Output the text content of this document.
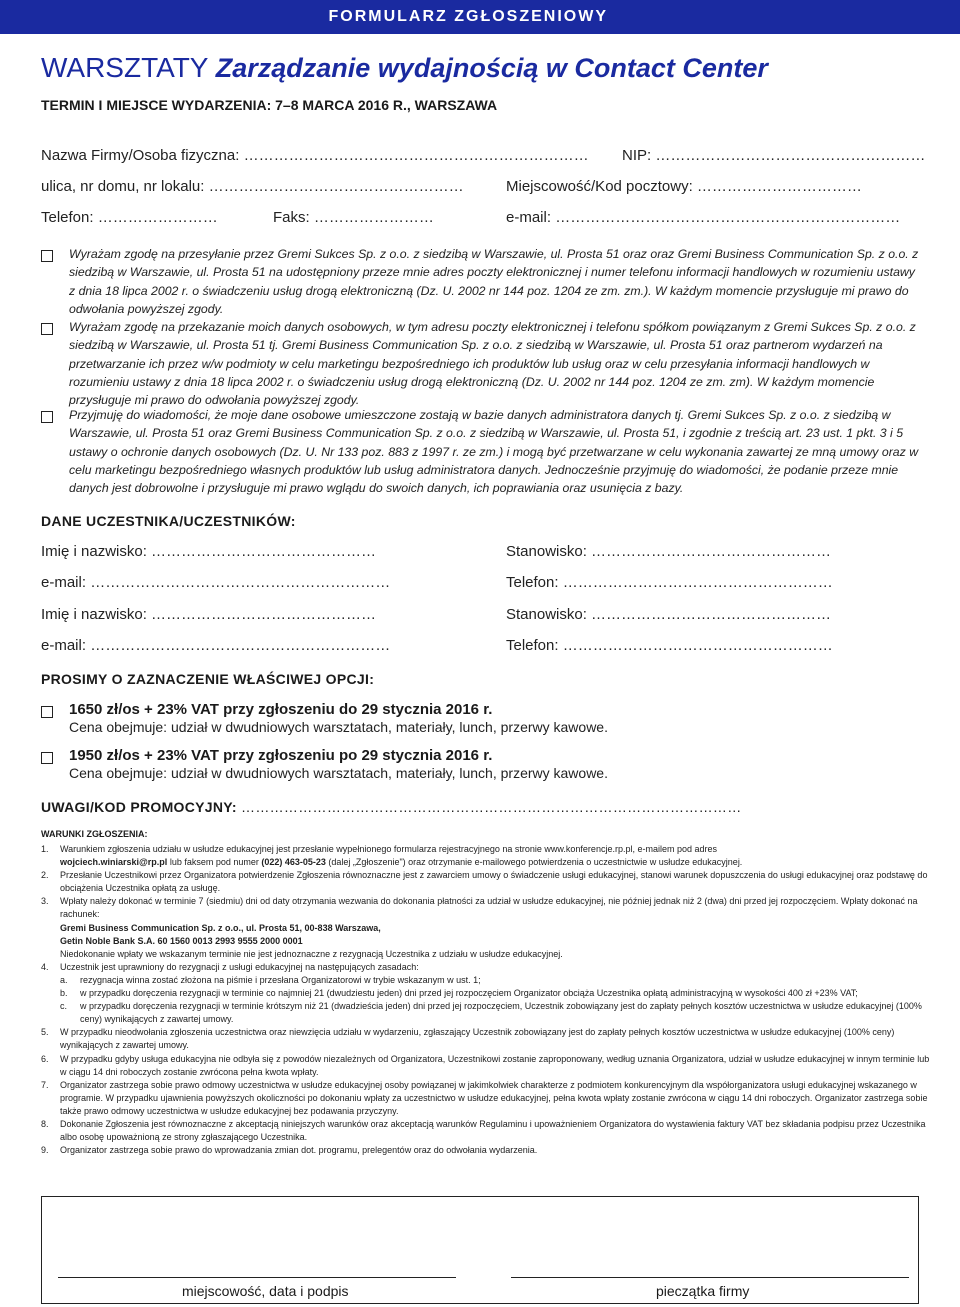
FORMULARZ ZGŁOSZENIOWY
WARSZTATY Zarządzanie wydajnością w Contact Center
TERMIN I MIEJSCE WYDARZENIA: 7–8 MARCA 2016 R., WARSZAWA
Nazwa Firmy/Osoba fizyczna: …………………………………………………………… NIP: ………………………………………………
ulica, nr domu, nr lokalu: ……………………………………………	Miejscowość/Kod pocztowy: ……………………………
Telefon: ……………………	Faks: ……………………	e-mail: ……………………………………………………………
Wyrażam zgodę na przesyłanie przez Gremi Sukces Sp. z o.o. z siedzibą w Warszawie, ul. Prosta 51 oraz oraz Gremi Business Communication Sp. z o.o. z siedzibą w Warszawie, ul. Prosta 51 na udostępniony przeze mnie adres poczty elektronicznej i numer telefonu informacji handlowych w rozumieniu ustawy z dnia 18 lipca 2002 r. o świadczeniu usług drogą elektroniczną (Dz. U. 2002 nr 144 poz. 1204 ze zm. zm.). W każdym momencie przysługuje mi prawo do odwołania powyższej zgody.
Wyrażam zgodę na przekazanie moich danych osobowych, w tym adresu poczty elektronicznej i telefonu spółkom powiązanym z Gremi Sukces Sp. z o.o. z siedzibą w Warszawie, ul. Prosta 51 tj. Gremi Business Communication Sp. z o.o. z siedzibą w Warszawie, ul. Prosta 51 oraz partnerom wydarzeń na przetwarzanie ich przez w/w podmioty w celu marketingu bezpośredniego ich produktów lub usług oraz w celu przesyłania informacji handlowych w rozumieniu ustawy z dnia 18 lipca 2002 r. o świadczeniu usług drogą elektroniczną (Dz. U. 2002 nr 144 poz. 1204 ze zm. zm). W każdym momencie przysługuje mi prawo do odwołania powyższej zgody.
Przyjmuję do wiadomości, że moje dane osobowe umieszczone zostają w bazie danych administratora danych tj. Gremi Sukces Sp. z o.o. z siedzibą w Warszawie, ul. Prosta 51 oraz Gremi Business Communication Sp. z o.o. z siedzibą w Warszawie, ul. Prosta 51, i zgodnie z treścią art. 23 ust. 1 pkt. 3 i 5 ustawy o ochronie danych osobowych (Dz. U. Nr 133 poz. 883 z 1997 r. ze zm.) i mogą być przetwarzane w celu wykonania zawartej ze mną umowy oraz w celu marketingu bezpośredniego własnych produktów lub usług administratora danych. Jednocześnie przyjmuję do wiadomości, że podanie przeze mnie danych jest dobrowolne i przysługuje mi prawo wglądu do swoich danych, ich poprawiania oraz usunięcia z bazy.
DANE UCZESTNIKA/UCZESTNIKÓW:
Imię i nazwisko: ………………………………………	Stanowisko: …………………………………………
e-mail: ……………………………………………………	Telefon: ………………………………………………
Imię i nazwisko: ………………………………………	Stanowisko: …………………………………………
e-mail: ……………………………………………………	Telefon: ………………………………………………
PROSIMY O ZAZNACZENIE WŁAŚCIWEJ OPCJI:
1650 zł/os + 23% VAT przy zgłoszeniu do 29 stycznia 2016 r.
Cena obejmuje: udział w dwudniowych warsztatach, materiały, lunch, przerwy kawowe.
1950 zł/os + 23% VAT przy zgłoszeniu po 29 stycznia 2016 r.
Cena obejmuje: udział w dwudniowych warsztatach, materiały, lunch, przerwy kawowe.
UWAGI/KOD PROMOCYJNY: ……………………………………………………………………………………………
WARUNKI ZGŁOSZENIA:
1.	Warunkiem zgłoszenia udziału w usłudze edukacyjnej jest przesłanie wypełnionego formularza rejestracyjnego na stronie www.konferencje.rp.pl, e-mailem pod adres
wojciech.winiarski@rp.pl lub faksem pod numer (022) 463-05-23 (dalej „Zgłoszenie") oraz otrzymanie e-mailowego potwierdzenia o uczestnictwie w usłudze edukacyjnej.
2.	Przesłanie Uczestnikowi przez Organizatora potwierdzenie Zgłoszenia równoznaczne jest z zawarciem umowy o świadczenie usługi edukacyjnej, stanowi warunek dopuszczenia do usługi edukacyjnej oraz podstawę do obciążenia Uczestnika opłatą za usługę.
3.	Wpłaty należy dokonać w terminie 7 (siedmiu) dni od daty otrzymania wezwania do dokonania płatności za udział w usłudze edukacyjnej, nie później jednak niż 2 (dwa) dni przed jej rozpoczęciem. Wpłaty dokonać na rachunek:
Gremi Business Communication Sp. z o.o., ul. Prosta 51, 00-838 Warszawa,
Getin Noble Bank S.A. 60 1560 0013 2993 9555 2000 0001
Niedokonanie wpłaty we wskazanym terminie nie jest jednoznaczne z rezygnacją Uczestnika z udziału w usłudze edukacyjnej.
4.	Uczestnik jest uprawniony do rezygnacji z usługi edukacyjnej na następujących zasadach:
a.	rezygnacja winna zostać złożona na piśmie i przesłana Organizatorowi w trybie wskazanym w ust. 1;
b.	w przypadku doręczenia rezygnacji w terminie co najmniej 21 (dwudziestu jeden) dni przed jej rozpoczęciem Organizator obciąża Uczestnika opłatą administracyjną w wysokości 400 zł +23% VAT;
c.	w przypadku doręczenia rezygnacji w terminie krótszym niż 21 (dwadzieścia jeden) dni przed jej rozpoczęciem, Uczestnik zobowiązany jest do zapłaty pełnych kosztów uczestnictwa w usłudze edukacyjnej (100% ceny) wynikających z zawartej umowy.
5.	W przypadku nieodwołania zgłoszenia uczestnictwa oraz niewzięcia udziału w wydarzeniu, zgłaszający Uczestnik zobowiązany jest do zapłaty pełnych kosztów uczestnictwa w usłudze edukacyjnej (100% ceny) wynikających z zawartej umowy.
6.	W przypadku gdyby usługa edukacyjna nie odbyła się z powodów niezależnych od Organizatora, Uczestnikowi zostanie zaproponowany, według uznania Organizatora, udział w usłudze edukacyjnej w innym terminie lub w ciągu 14 dni roboczych zostanie zwrócona pełna kwota wpłaty.
7.	Organizator zastrzega sobie prawo odmowy uczestnictwa w usłudze edukacyjnej osoby powiązanej w jakimkolwiek charakterze z podmiotem konkurencyjnym dla współorganizatora usługi edukacyjnej wskazanego w programie. W przypadku ujawnienia powyższych okoliczności po dokonaniu wpłaty za uczestnictwo w usłudze edukacyjnej, pełna kwota wpłaty zostanie zwrócona w ciągu 14 dni roboczych. Organizator zastrzega sobie także prawo odmowy uczestnictwa w usłudze edukacyjnej bez podawania przyczyny.
8.	Dokonanie Zgłoszenia jest równoznaczne z akceptacją niniejszych warunków oraz akceptacją warunków Regulaminu i upoważnieniem Organizatora do wystawienia faktury VAT bez składania podpisu przez Uczestnika albo osobę upoważnioną ze strony zgłaszającego Uczestnika.
9.	Organizator zastrzega sobie prawo do wprowadzania zmian dot. programu, prelegentów oraz do odwołania wydarzenia.
miejscowość, data i podpis	pieczątka firmy
